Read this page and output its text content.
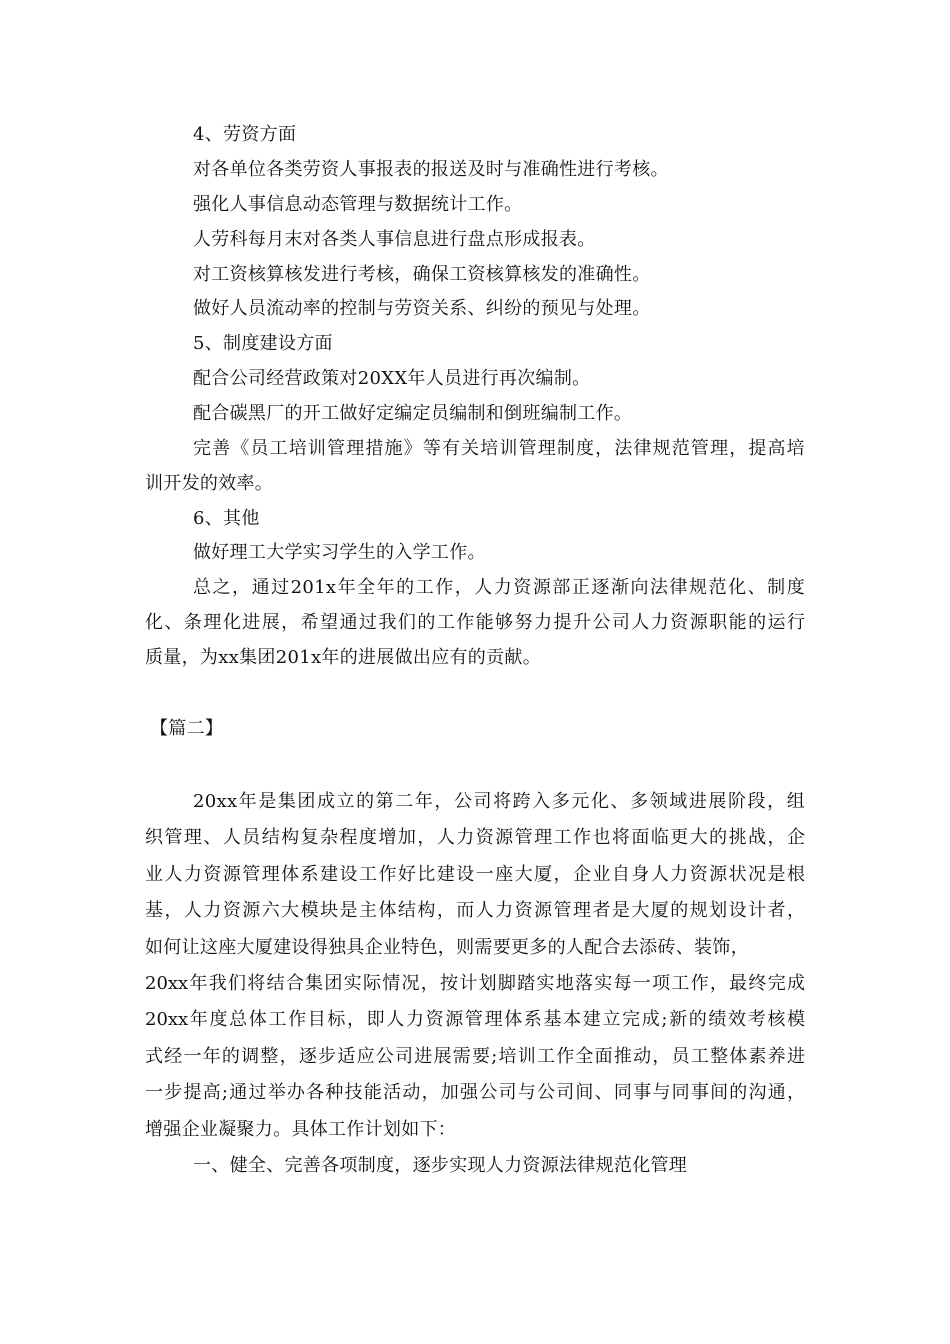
4、劳资方面
对各单位各类劳资人事报表的报送及时与准确性进行考核。
强化人事信息动态管理与数据统计工作。
人劳科每月末对各类人事信息进行盘点形成报表。
对工资核算核发进行考核，确保工资核算核发的准确性。
做好人员流动率的控制与劳资关系、纠纷的预见与处理。
5、制度建设方面
配合公司经营政策对20XX年人员进行再次编制。
配合碳黑厂的开工做好定编定员编制和倒班编制工作。
完善《员工培训管理措施》等有关培训管理制度，法律规范管理，提高培
训开发的效率。
6、其他
做好理工大学实习学生的入学工作。
总之，通过201x年全年的工作，人力资源部正逐渐向法律规范化、制度
化、条理化进展，希望通过我们的工作能够努力提升公司人力资源职能的运行
质量，为xx集团201x年的进展做出应有的贡献。
【篇二】
20xx年是集团成立的第二年，公司将跨入多元化、多领域进展阶段，组
织管理、人员结构复杂程度增加，人力资源管理工作也将面临更大的挑战，企
业人力资源管理体系建设工作好比建设一座大厦，企业自身人力资源状况是根
基，人力资源六大模块是主体结构，而人力资源管理者是大厦的规划设计者，
如何让这座大厦建设得独具企业特色，则需要更多的人配合去添砖、装饰，
20xx年我们将结合集团实际情况，按计划脚踏实地落实每一项工作，最终完成
20xx年度总体工作目标，即人力资源管理体系基本建立完成;新的绩效考核模
式经一年的调整，逐步适应公司进展需要;培训工作全面推动，员工整体素养进
一步提高;通过举办各种技能活动，加强公司与公司间、同事与同事间的沟通，
增强企业凝聚力。具体工作计划如下：
一、健全、完善各项制度，逐步实现人力资源法律规范化管理
